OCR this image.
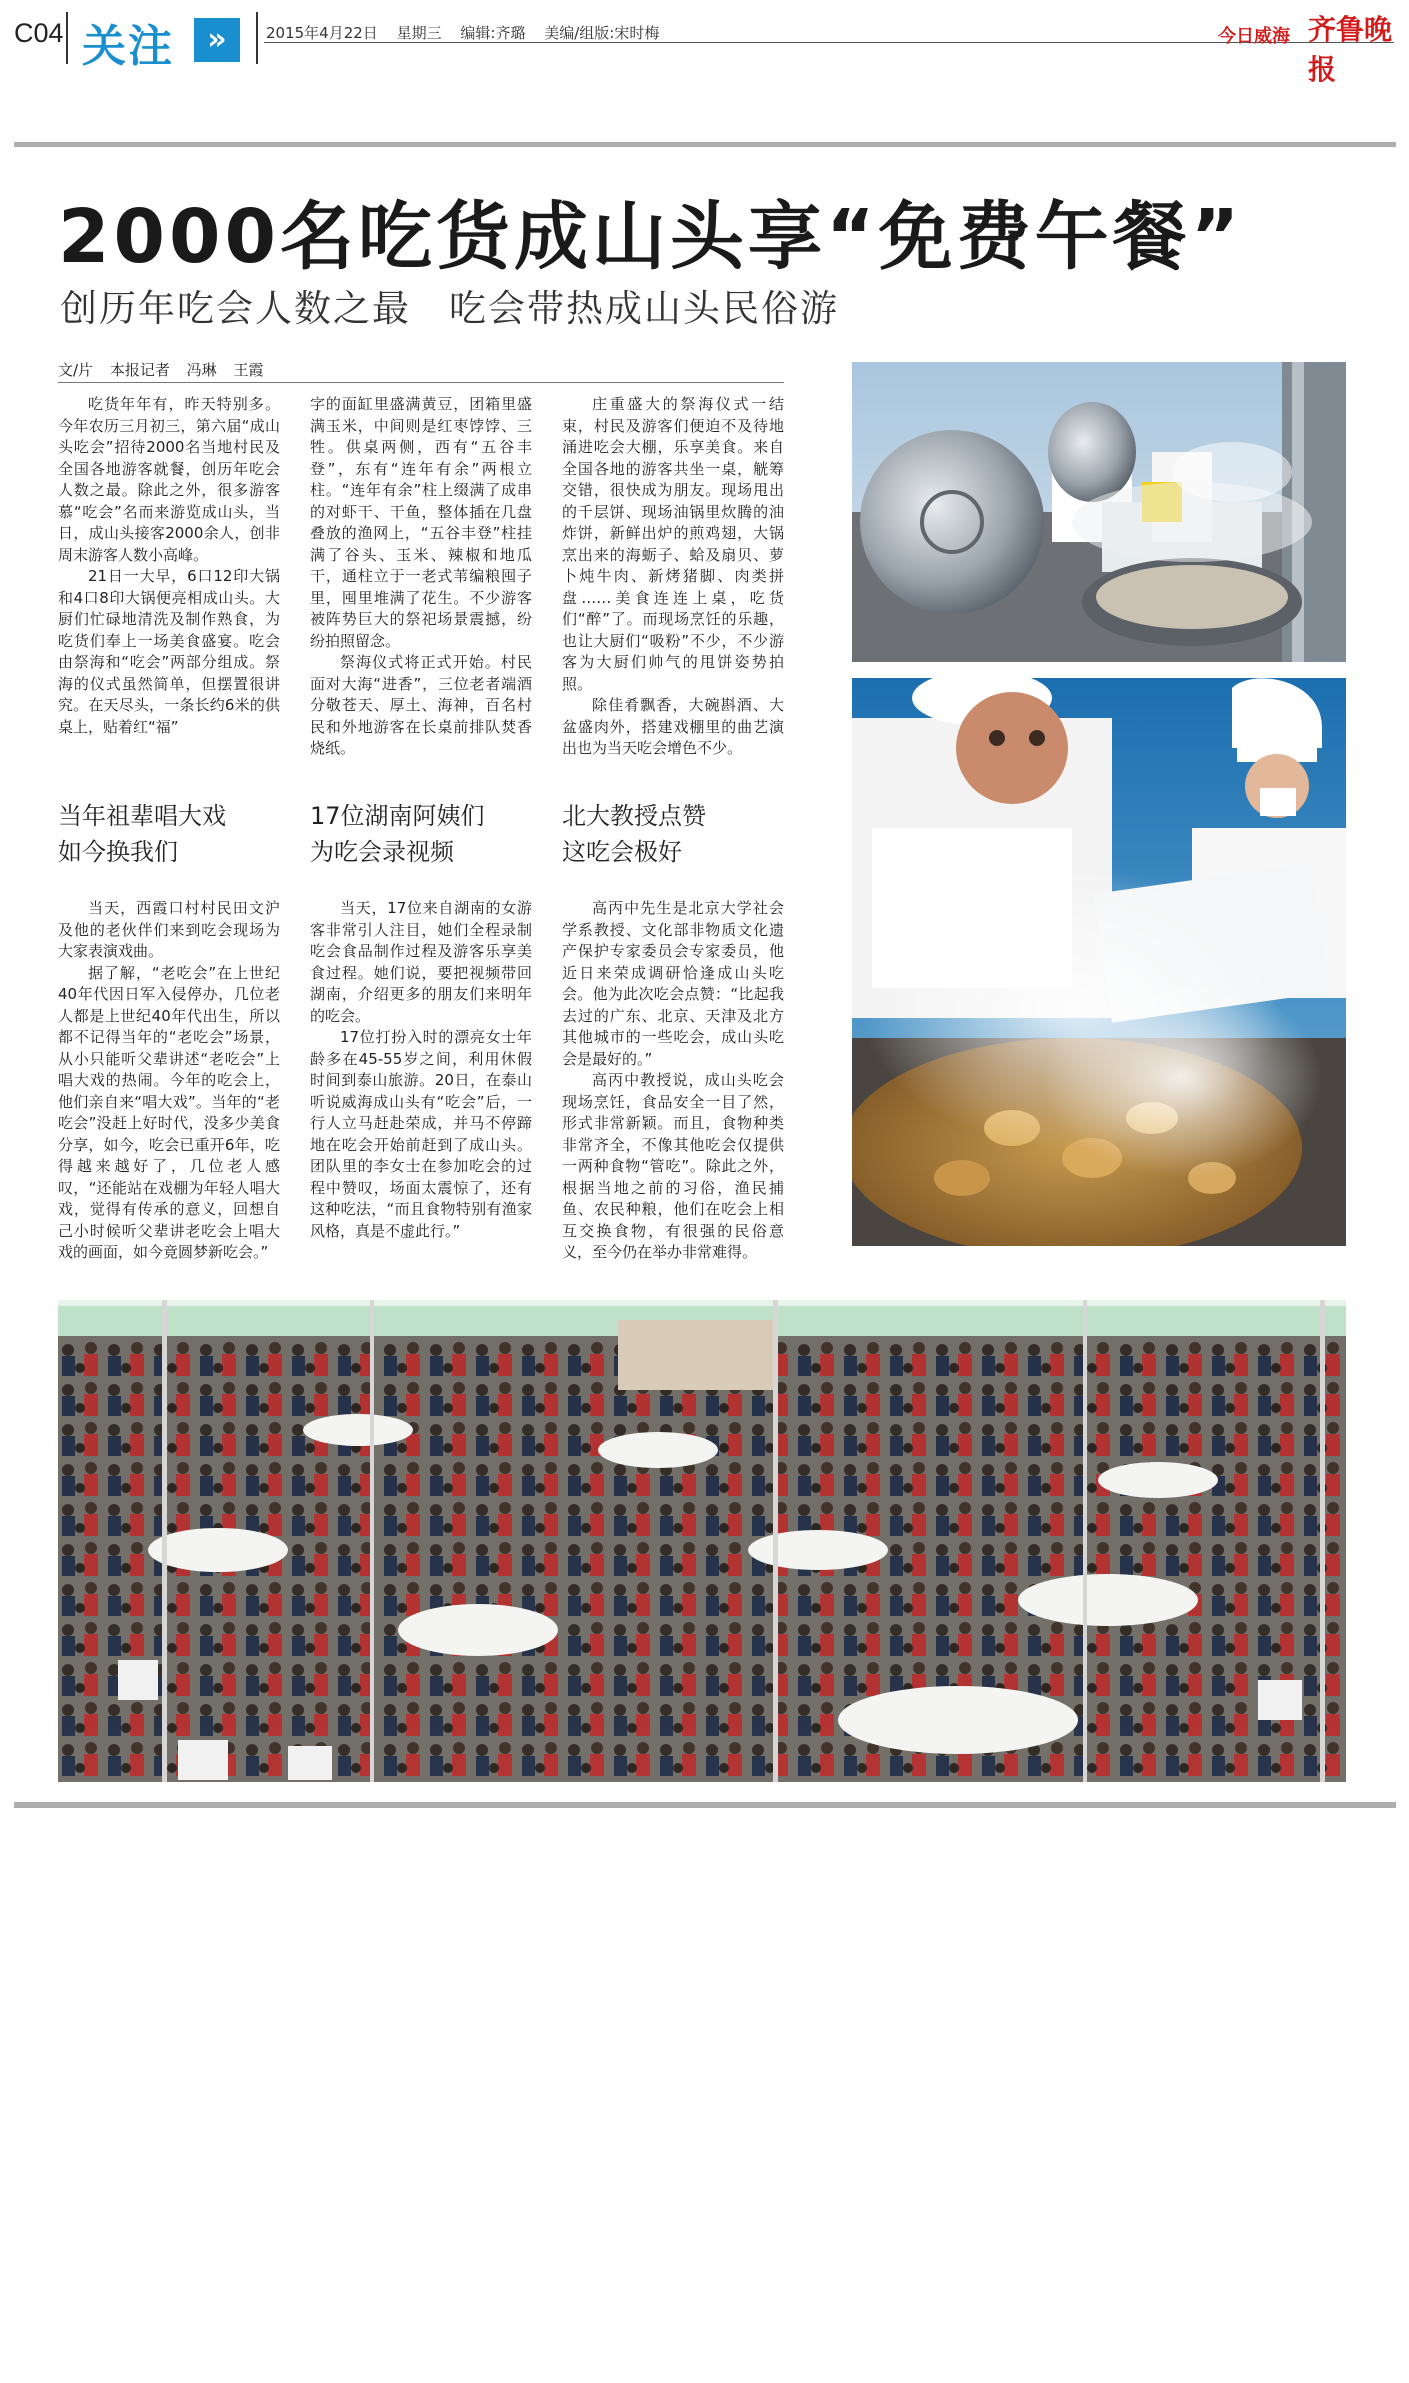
C04 关注	»	2015年4月22日 星期三 编辑:齐璐 美编/组版:宋时梅	今日威海 齐鲁晚报
2000名吃货成山头享“免费午餐”
创历年吃会人数之最 吃会带热成山头民俗游
文/片 本报记者 冯琳 王霞

吃货年年有，昨天特别多。今年农历三月初三，第六届“成山头吃会”招待2000名当地村民及全国各地游客就餐，创历年吃会人数之最。除此之外，很多游客慕“吃会”名而来游览成山头，当日，成山头接客2000余人，创非周末游客人数小高峰。

21日一大早，6口12印大锅和4口8印大锅便亮相成山头。大厨们忙碌地清洗及制作熟食，为吃货们奉上一场美食盛宴。吃会由祭海和“吃会”两部分组成。祭海的仪式虽然简单，但摆置很讲究。在天尽头，一条长约6米的供桌上，贴着红“福”

字的面缸里盛满黄豆，团箱里盛满玉米，中间则是红枣饽饽、三牲。供桌两侧，西有“五谷丰登”，东有“连年有余”两根立柱。“连年有余”柱上缀满了成串的对虾干、干鱼，整体插在几盘叠放的渔网上，“五谷丰登”柱挂满了谷头、玉米、辣椒和地瓜干，通柱立于一老式苇编粮囤子里，囤里堆满了花生。不少游客被阵势巨大的祭祀场景震撼，纷纷拍照留念。

祭海仪式将正式开始。村民面对大海“进香”，三位老者端酒分敬苍天、厚土、海神，百名村民和外地游客在长桌前排队焚香烧纸。

庄重盛大的祭海仪式一结束，村民及游客们便迫不及待地涌进吃会大棚，乐享美食。来自全国各地的游客共坐一桌，觥筹交错，很快成为朋友。现场甩出的千层饼、现场油锅里炊腾的油炸饼，新鲜出炉的煎鸡翅，大锅烹出来的海蛎子、蛤及扇贝、萝卜炖牛肉、新烤猪脚、肉类拼盘……美食连连上桌，吃货们“醉”了。而现场烹饪的乐趣，也让大厨们“吸粉”不少，不少游客为大厨们帅气的甩饼姿势拍照。

除佳肴飘香，大碗斟酒、大盆盛肉外，搭建戏棚里的曲艺演出也为当天吃会增色不少。

当年祖辈唱大戏
如今换我们

当天，西霞口村村民田文沪及他的老伙伴们来到吃会现场为大家表演戏曲。

据了解，“老吃会”在上世纪40年代因日军入侵停办，几位老人都是上世纪40年代出生，所以都不记得当年的“老吃会”场景，从小只能听父辈讲述“老吃会”上唱大戏的热闹。今年的吃会上，他们亲自来“唱大戏”。当年的“老吃会”没赶上好时代，没多少美食分享，如今，吃会已重开6年，吃得越来越好了，几位老人感叹，“还能站在戏棚为年轻人唱大戏，觉得有传承的意义，回想自己小时候听父辈讲老吃会上唱大戏的画面，如今竟圆梦新吃会。”

17位湖南阿姨们
为吃会录视频

当天，17位来自湖南的女游客非常引人注目，她们全程录制吃会食品制作过程及游客乐享美食过程。她们说，要把视频带回湖南，介绍更多的朋友们来明年的吃会。

17位打扮入时的漂亮女士年龄多在45-55岁之间，利用休假时间到泰山旅游。20日，在泰山听说威海成山头有“吃会”后，一行人立马赶赴荣成，并马不停蹄地在吃会开始前赶到了成山头。团队里的李女士在参加吃会的过程中赞叹，场面太震惊了，还有这种吃法，“而且食物特别有渔家风格，真是不虚此行。”

北大教授点赞
这吃会极好

高丙中先生是北京大学社会学系教授、文化部非物质文化遗产保护专家委员会专家委员，他近日来荣成调研恰逢成山头吃会。他为此次吃会点赞：“比起我去过的广东、北京、天津及北方其他城市的一些吃会，成山头吃会是最好的。”

高丙中教授说，成山头吃会现场烹饪，食品安全一目了然，形式非常新颖。而且，食物种类非常齐全，不像其他吃会仅提供一两种食物“管吃”。除此之外，根据当地之前的习俗，渔民捕鱼、农民种粮，他们在吃会上相互交换食物，有很强的民俗意义，至今仍在举办非常难得。
